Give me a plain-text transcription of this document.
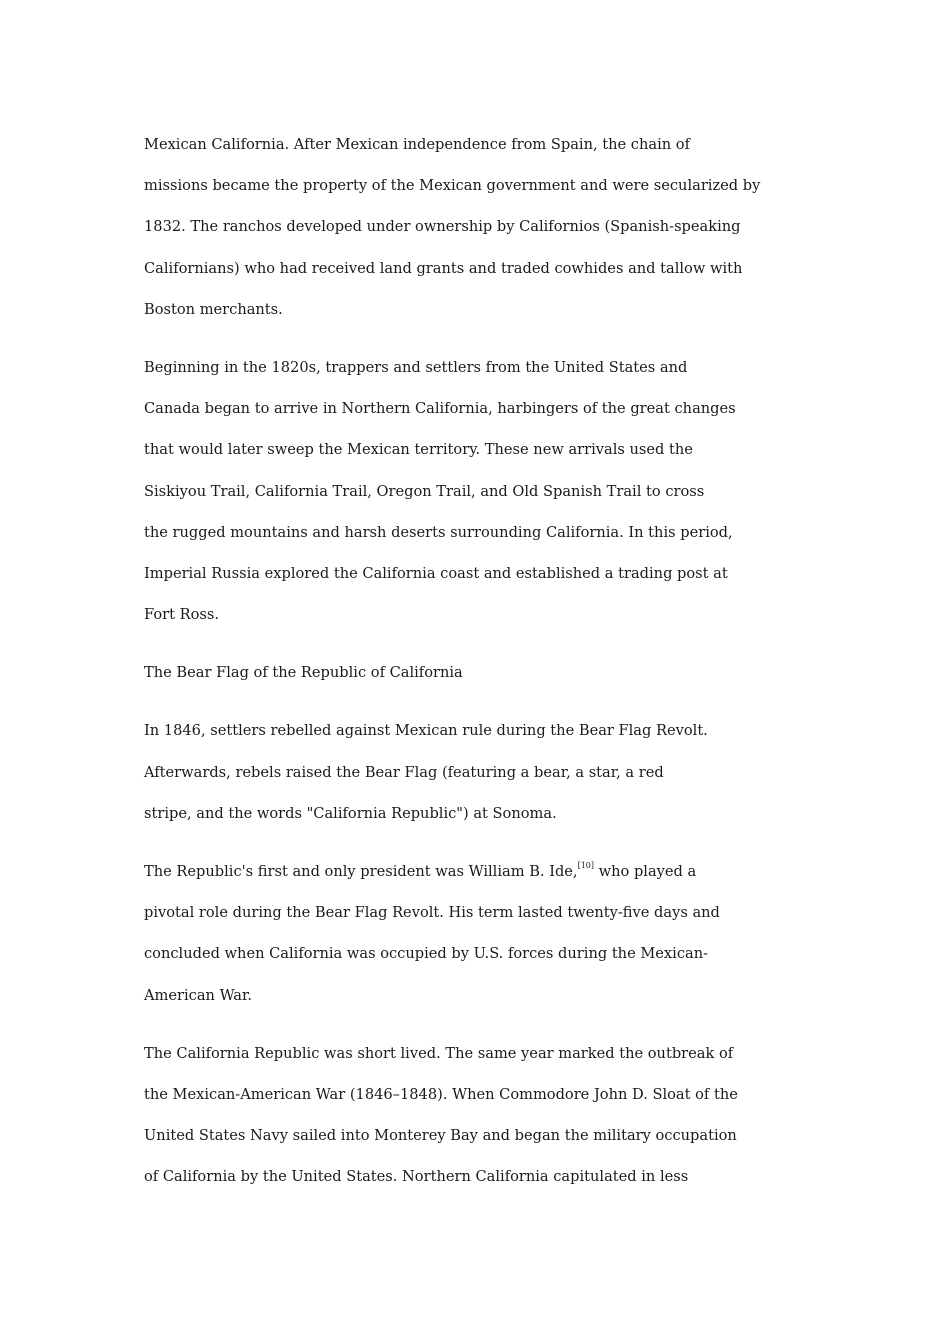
Mexican California. After Mexican independence from Spain, the chain of
missions became the property of the Mexican government and were secularized by
1832. The ranchos developed under ownership by Californios (Spanish-speaking
Californians) who had received land grants and traded cowhides and tallow with
Boston merchants.
Beginning in the 1820s, trappers and settlers from the United States and
Canada began to arrive in Northern California, harbingers of the great changes
that would later sweep the Mexican territory. These new arrivals used the
Siskiyou Trail, California Trail, Oregon Trail, and Old Spanish Trail to cross
the rugged mountains and harsh deserts surrounding California. In this period,
Imperial Russia explored the California coast and established a trading post at
Fort Ross.
The Bear Flag of the Republic of California
In 1846, settlers rebelled against Mexican rule during the Bear Flag Revolt.
Afterwards, rebels raised the Bear Flag (featuring a bear, a star, a red
stripe, and the words "California Republic") at Sonoma.
The Republic's first and only president was William B. Ide,[10] who played a
pivotal role during the Bear Flag Revolt. His term lasted twenty-five days and
concluded when California was occupied by U.S. forces during the Mexican-
American War.
The California Republic was short lived. The same year marked the outbreak of
the Mexican-American War (1846–1848). When Commodore John D. Sloat of the
United States Navy sailed into Monterey Bay and began the military occupation
of California by the United States. Northern California capitulated in less
